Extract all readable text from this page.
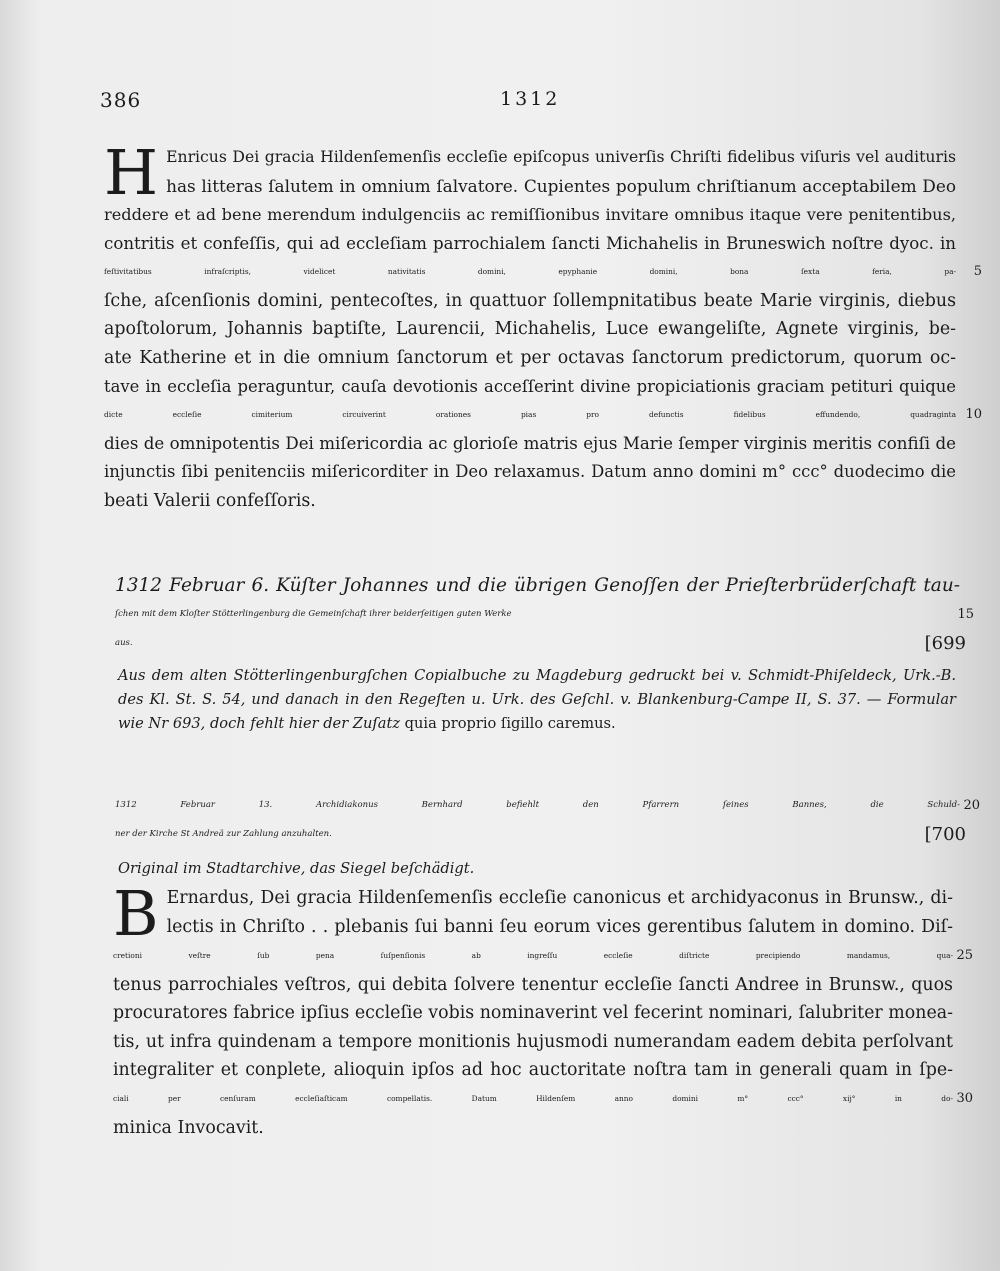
386	1312
H Enricus Dei gracia Hildenſemenſis eccleſie epiſcopus univerſis Chriſti fidelibus viſuris vel audituris
has litteras ſalutem in omnium ſalvatore. Cupientes populum chriſtianum acceptabilem Deo
reddere et ad bene merendum indulgenciis ac remiſſionibus invitare omnibus itaque vere penitentibus,
contritis et confeſſis, qui ad eccleſiam parrochialem ſancti Michahelis in Bruneswich noſtre dyoc. in
feſtivitatibus infraſcriptis, videlicet nativitatis domini, epyphanie domini, bona ſexta feria, pa- 5
ſche, aſcenſionis domini, pentecoſtes, in quattuor ſollempnitatibus beate Marie virginis, diebus
apoſtolorum, Johannis baptiſte, Laurencii, Michahelis, Luce ewangeliſte, Agnete virginis, be-
ate Katherine et in die omnium ſanctorum et per octavas ſanctorum predictorum, quorum oc-
tave in eccleſia peraguntur, cauſa devotionis acceſſerint divine propiciationis graciam petituri quique
dicte eccleſie cimiterium circuiverint orationes pias pro defunctis fidelibus effundendo, quadraginta 10
dies de omnipotentis Dei miſericordia ac glorioſe matris ejus Marie ſemper virginis meritis confiſi de
injunctis ſibi penitenciis miſericorditer in Deo relaxamus. Datum anno domini m° ccc° duodecimo die
beati Valerii confeſſoris.
1312 Februar 6. Küſter Johannes und die übrigen Genoſſen der Prieſterbrüderſchaft tau-
ſchen mit dem Kloſter Stötterlingenburg die Gemeinſchaft ihrer beiderſeitigen guten Werke	15
aus.	[699
Aus dem alten Stötterlingenburgſchen Copialbuche zu Magdeburg gedruckt bei v. Schmidt-Phiſeldeck, Urk.-B.
des Kl. St. S. 54, und danach in den Regeſten u. Urk. des Geſchl. v. Blankenburg-Campe II, S. 37. — Formular
wie Nr 693, doch fehlt hier der Zuſatz quia proprio ſigillo caremus.
1312 Februar 13. Archidiakonus Bernhard befiehlt den Pfarrern ſeines Bannes, die Schuld- 20
ner der Kirche St Andreä zur Zahlung anzuhalten.	[700
Original im Stadtarchive, das Siegel beſchädigt.
B Ernardus, Dei gracia Hildenſemenſis eccleſie canonicus et archidyaconus in Brunsw., di-
lectis in Chriſto . . plebanis ſui banni ſeu eorum vices gerentibus ſalutem in domino. Diſ-
cretioni veſtre ſub pena ſuſpenſionis ab ingreſſu eccleſie diſtricte precipiendo mandamus, qua- 25
tenus parrochiales veſtros, qui debita ſolvere tenentur eccleſie ſancti Andree in Brunsw., quos
procuratores fabrice ipſius eccleſie vobis nominaverint vel fecerint nominari, ſalubriter monea-
tis, ut infra quindenam a tempore monitionis hujusmodi numerandam eadem debita perſolvant
integraliter et conplete, alioquin ipſos ad hoc auctoritate noſtra tam in generali quam in ſpe-
ciali per cenſuram eccleſiaſticam compellatis. Datum Hildenſem anno domini m° ccc° xij° in do- 30
minica Invocavit.
